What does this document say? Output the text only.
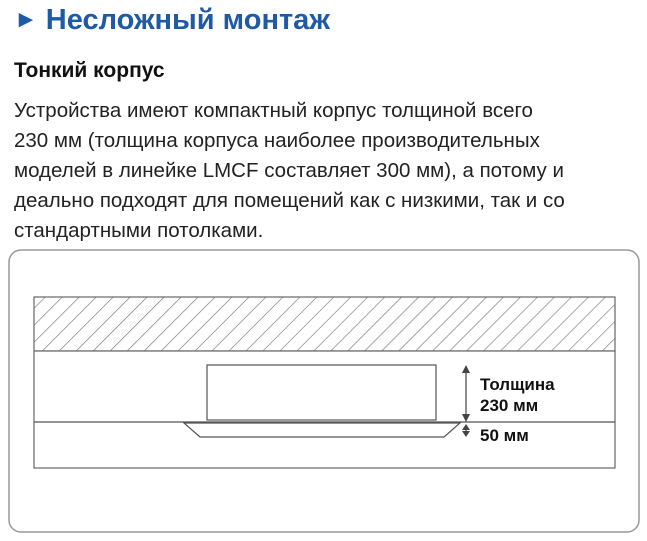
► Несложный монтаж
Тонкий корпус

Устройства имеют компактный корпус толщиной всего
230 мм (толщина корпуса наиболее производительных
моделей в линейке LMCF составляет 300 мм), а потому и
деально подходят для помещений как с низкими, так и со
стандартными потолками.

Толщина
230 мм
50 мм
